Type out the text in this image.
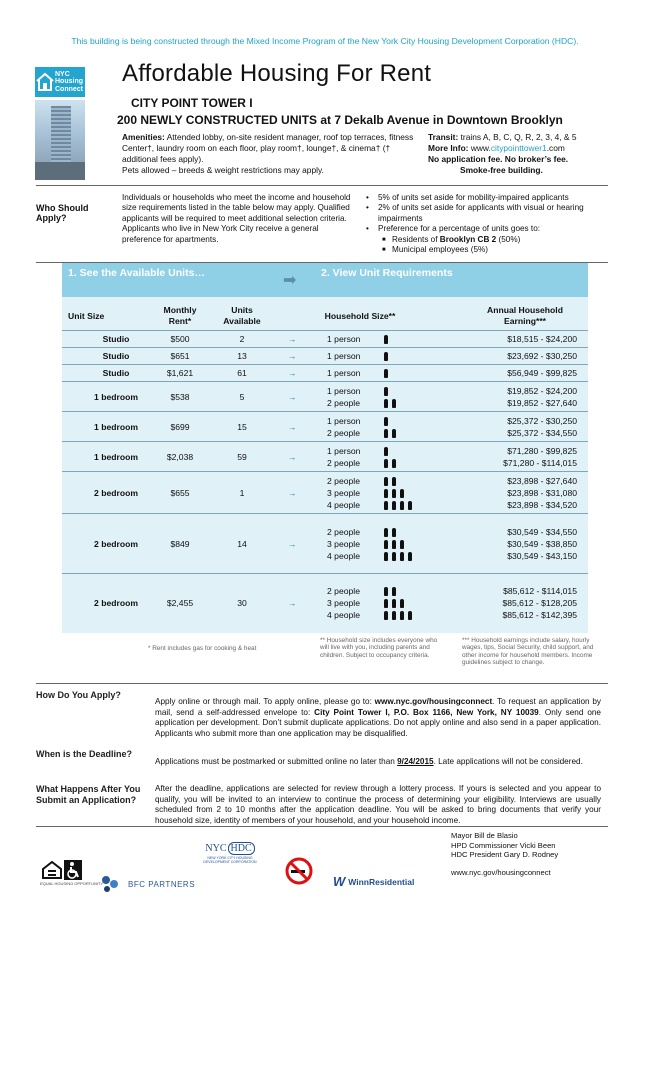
This building is being constructed through the Mixed Income Program of the New York City Housing Development Corporation (HDC).
NYC
Housing
Connect
Affordable Housing For Rent
CITY POINT TOWER I
200 NEWLY CONSTRUCTED UNITS at 7 Dekalb Avenue in Downtown Brooklyn
Amenities: Attended lobby, on-site resident manager, roof top terraces, fitness Center†, laundry room on each floor, play room†, lounge†, & cinema† († additional fees apply).
Pets allowed – breeds & weight restrictions may apply.
Transit: trains A, B, C, Q, R, 2, 3, 4, & 5
More Info: www.citypointtower1.com
No application fee. No broker’s fee.
Smoke-free building.
Who Should Apply?
Individuals or households who meet the income and household size requirements listed in the table below may apply. Qualified applicants will be required to meet additional selection criteria. Applicants who live in New York City receive a general preference for apartments.
• 5% of units set aside for mobility-impaired applicants
• 2% of units set aside for applicants with visual or hearing impairments
• Preference for a percentage of units goes to:
■ Residents of Brooklyn CB 2 (50%)
■ Municipal employees (5%)
1. See the Available Units…	➡ 2. View Unit Requirements
Unit Size
Monthly
Rent*
Units
Available	Household Size**
Annual Household
Earning***
Studio	$500	2	→	1 person	$18,515 - $24,200
Studio	$651	13	→	1 person	$23,692 - $30,250
Studio	$1,621	61	→	1 person	$56,949 - $99,825
1 bedroom	$538	5	→
1 person	$19,852 - $24,200
2 people	$19,852 - $27,640
1 bedroom	$699	15	→
1 person	$25,372 - $30,250
2 people	$25,372 - $34,550
1 bedroom	$2,038	59	→
1 person	$71,280 - $99,825
2 people	$71,280 - $114,015
2 bedroom	$655	1	→
2 people	$23,898 - $27,640
3 people	$23,898 - $31,080
4 people	$23,898 - $34,520
2 bedroom	$849	14	→
2 people	$30,549 - $34,550
3 people	$30,549 - $38,850
4 people	$30,549 - $43,150
2 bedroom	$2,455	30	→
2 people	$85,612 - $114,015
3 people	$85,612 - $128,205
4 people	$85,612 - $142,395
* Rent includes gas for cooking & heat
** Household size includes everyone who will live with you, including parents and children. Subject to occupancy criteria.
*** Household earnings include salary, hourly wages, tips, Social Security, child support, and other income for household members. Income guidelines subject to change.
How Do You Apply?
Apply online or through mail. To apply online, please go to: www.nyc.gov/housingconnect. To request an application by mail, send a self-addressed envelope to: City Point Tower I, P.O. Box 1166, New York, NY 10039. Only send one application per development. Don’t submit duplicate applications. Do not apply online and also send in a paper application. Applicants who submit more than one application may be disqualified.
When is the Deadline?
Applications must be postmarked or submitted online no later than 9/24/2015. Late applications will not be considered.
What Happens After You Submit an Application?
After the deadline, applications are selected for review through a lottery process. If yours is selected and you appear to qualify, you will be invited to an interview to continue the process of determining your eligibility. Interviews are usually scheduled from 2 to 10 months after the application deadline. You will be asked to bring documents that verify your household size, identity of members of your household, and your household income.
EQUAL HOUSING OPPORTUNITY	BFC PARTNERS
NYC HDC
NEW YORK CITY HOUSING DEVELOPMENT CORPORATION
W WinnResidential
Mayor Bill de Blasio
HPD Commissioner Vicki Been
HDC President Gary D. Rodney
www.nyc.gov/housingconnect
